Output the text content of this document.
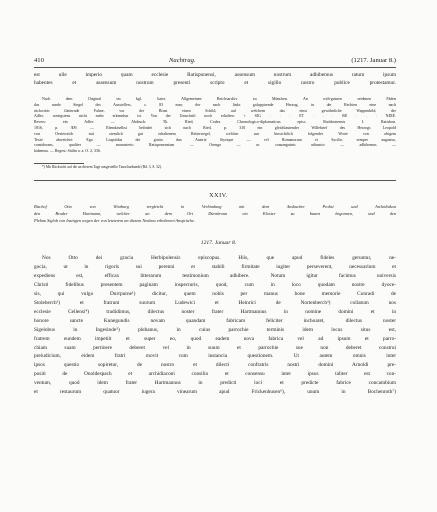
410	Nachtrag.	(1217. Januar 8.)
est ulle imperio quam ecclesie Ratisponensi, assensum nostrum adhibemus ratum ipsum
habentes et assensum nostrum presenti scripto et sigillo nostro publice protestamur.
Nach dem Original im kgl. baier. Allgemeinen Reichsarchiv zu München. An roth-grünen seidenen Fäden
das runde Siegel des Ausstellers, s. 83 mm; der nach links galoppirende Herzog, in der Rechten eine nach
rückwärts flatternde Fahne, vor der Brust einen Schild, auf welchem das einst gewöhnliche Wappenbild, der
Adler, wenigstens nicht mehr erkennbar ist. Von der Umschrift noch erhalten: + SIG . . . ET . . . RE . . . NDIE.
Revers: ein Adler. — Abdruck: Th. Ried, Codex Chronologico-diplomaticus episc. Ratisbonensis I. Ratisbon.
1816, p. 309. — Ebendaselbst befindet sich nach Ried, p. 310 ein gleichlautender Willebrief des Herzogs Leopold
von Oesterreich mit ziemlich gut erhaltenem Reitersiegel, welcher nur hinsichtlich folgender Worte von obigem
Texte abweichet: Ego Liupoldus dei gratia dux Austrie Styrique — vel Romanorum et Sycilie, semper augustus,
considerans, qualiter — monasterio Ratisponensium — Orengo — ac consanguinis adiuncto — adhibemus —
habemus. — Regest: Stälin a. a. O. 2, 336.
*) Mit Rücksicht auf die an diesem Tage ausgestellte Tauschurkunde (Bd. 3, S. 32).
XXIV.
Bischof Otto von Wirzburg vergleicht in Verbindung mit dem Ansbacher Probst und Archidiakon
den Bruder Hartmann, welcher an dem Ort Dürnbronn ein Kloster zu bauen begonnen, und den
Plebau Siglob von Insingen wegen der von letzterem an diesem Neubau erhobenen Ansprüche.
1217. Januar 8.
Nos Otto dei gracia Herbipolensis episcopus. Hiis, que apud fideles geruntur, ne-
gocia, ut in rigoris sui perenni et stabili firmitate iugiter perseverent, necessarium et
expediens est, efficax litterarum testimonium adhibere. Notum igitur facimus universis
Christi fidelibus presentem paginam inspecturis, quod, cum in loco quodam nostre dyoce-
sis, qui vulgo Durrpurne¹) dicitur, quem nobis per manus bone memorie Conradi de
Stoleberch²) et fratrum suorum Ludewici et Heinrici de Nortenberch³) collatum nos
ecclesie Cellensi⁴) tradidimus, dilectus noster frater Hartmannus in nomine domini et in
honore sancte Kunegundis novam quandam fabricam feliciter inchoaret, dilectus noster
Sigelobus in Ingesinde⁵) plebanus, in cuius parrochie terminis idem locus situs est,
fratrem eundem impetiit et super eo, quod eadem nova fabrica vel ad ipsum et parro-
chiam suam pertinere deberet vel in suum et parrochie sue non deberet construi
preiudicium, eidem fratri movit cum instancia questionem. Ut autem omnis inter
ipsos questio sopiretur, de nostro et dilecti confratris nostri domini Arnoldi pre-
positi de Onoldespach et archidiaconi consilio et consensu inter ipsos taliter est con-
ventum, quod idem frater Hartmannus in predicti loci et predicte fabrice concambium
et restaurum quatuor iugera vinearum apud Frickenhusen⁶), unum in Bochenroth⁷)
